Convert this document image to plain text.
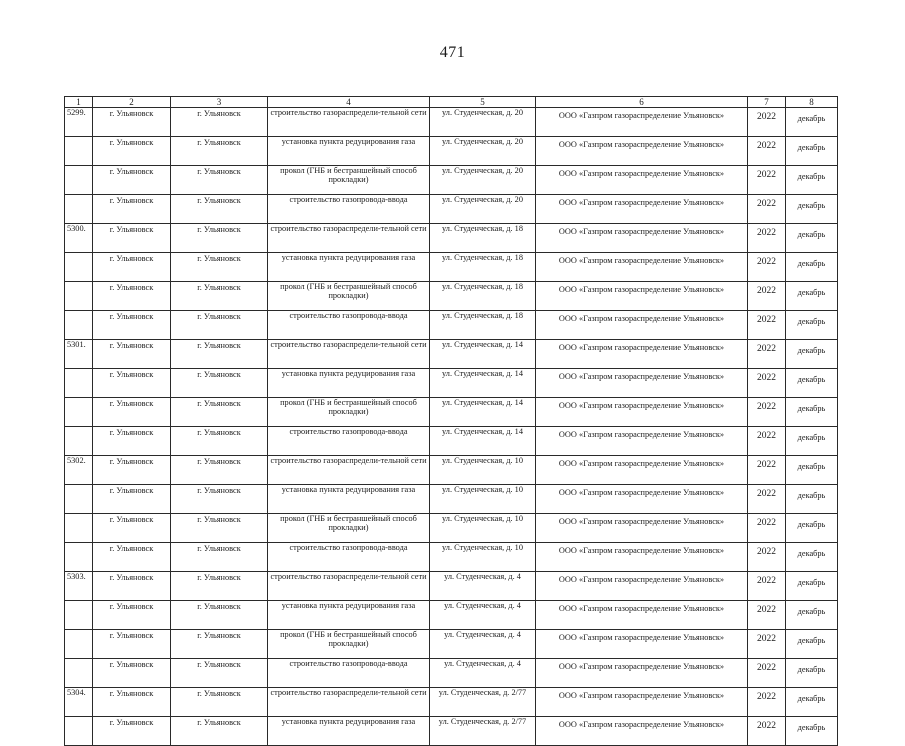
471
1	2	3	4	5	6	7	8
5299.	г. Ульяновск	г. Ульяновск	строительство газораспредели-тельной сети	ул. Студенческая, д. 20	ООО «Газпром газораспределение Ульяновск»	2022	декабрь
	г. Ульяновск	г. Ульяновск	установка пункта редуцирования газа	ул. Студенческая, д. 20	ООО «Газпром газораспределение Ульяновск»	2022	декабрь
	г. Ульяновск	г. Ульяновск	прокол (ГНБ и бестраншейный способ прокладки)	ул. Студенческая, д. 20	ООО «Газпром газораспределение Ульяновск»	2022	декабрь
	г. Ульяновск	г. Ульяновск	строительство газопровода-ввода	ул. Студенческая, д. 20	ООО «Газпром газораспределение Ульяновск»	2022	декабрь
5300.	г. Ульяновск	г. Ульяновск	строительство газораспредели-тельной сети	ул. Студенческая, д. 18	ООО «Газпром газораспределение Ульяновск»	2022	декабрь
	г. Ульяновск	г. Ульяновск	установка пункта редуцирования газа	ул. Студенческая, д. 18	ООО «Газпром газораспределение Ульяновск»	2022	декабрь
	г. Ульяновск	г. Ульяновск	прокол (ГНБ и бестраншейный способ прокладки)	ул. Студенческая, д. 18	ООО «Газпром газораспределение Ульяновск»	2022	декабрь
	г. Ульяновск	г. Ульяновск	строительство газопровода-ввода	ул. Студенческая, д. 18	ООО «Газпром газораспределение Ульяновск»	2022	декабрь
5301.	г. Ульяновск	г. Ульяновск	строительство газораспредели-тельной сети	ул. Студенческая, д. 14	ООО «Газпром газораспределение Ульяновск»	2022	декабрь
	г. Ульяновск	г. Ульяновск	установка пункта редуцирования газа	ул. Студенческая, д. 14	ООО «Газпром газораспределение Ульяновск»	2022	декабрь
	г. Ульяновск	г. Ульяновск	прокол (ГНБ и бестраншейный способ прокладки)	ул. Студенческая, д. 14	ООО «Газпром газораспределение Ульяновск»	2022	декабрь
	г. Ульяновск	г. Ульяновск	строительство газопровода-ввода	ул. Студенческая, д. 14	ООО «Газпром газораспределение Ульяновск»	2022	декабрь
5302.	г. Ульяновск	г. Ульяновск	строительство газораспредели-тельной сети	ул. Студенческая, д. 10	ООО «Газпром газораспределение Ульяновск»	2022	декабрь
	г. Ульяновск	г. Ульяновск	установка пункта редуцирования газа	ул. Студенческая, д. 10	ООО «Газпром газораспределение Ульяновск»	2022	декабрь
	г. Ульяновск	г. Ульяновск	прокол (ГНБ и бестраншейный способ прокладки)	ул. Студенческая, д. 10	ООО «Газпром газораспределение Ульяновск»	2022	декабрь
	г. Ульяновск	г. Ульяновск	строительство газопровода-ввода	ул. Студенческая, д. 10	ООО «Газпром газораспределение Ульяновск»	2022	декабрь
5303.	г. Ульяновск	г. Ульяновск	строительство газораспредели-тельной сети	ул. Студенческая, д. 4	ООО «Газпром газораспределение Ульяновск»	2022	декабрь
	г. Ульяновск	г. Ульяновск	установка пункта редуцирования газа	ул. Студенческая, д. 4	ООО «Газпром газораспределение Ульяновск»	2022	декабрь
	г. Ульяновск	г. Ульяновск	прокол (ГНБ и бестраншейный способ прокладки)	ул. Студенческая, д. 4	ООО «Газпром газораспределение Ульяновск»	2022	декабрь
	г. Ульяновск	г. Ульяновск	строительство газопровода-ввода	ул. Студенческая, д. 4	ООО «Газпром газораспределение Ульяновск»	2022	декабрь
5304.	г. Ульяновск	г. Ульяновск	строительство газораспредели-тельной сети	ул. Студенческая, д. 2/77	ООО «Газпром газораспределение Ульяновск»	2022	декабрь
	г. Ульяновск	г. Ульяновск	установка пункта редуцирования газа	ул. Студенческая, д. 2/77	ООО «Газпром газораспределение Ульяновск»	2022	декабрь
